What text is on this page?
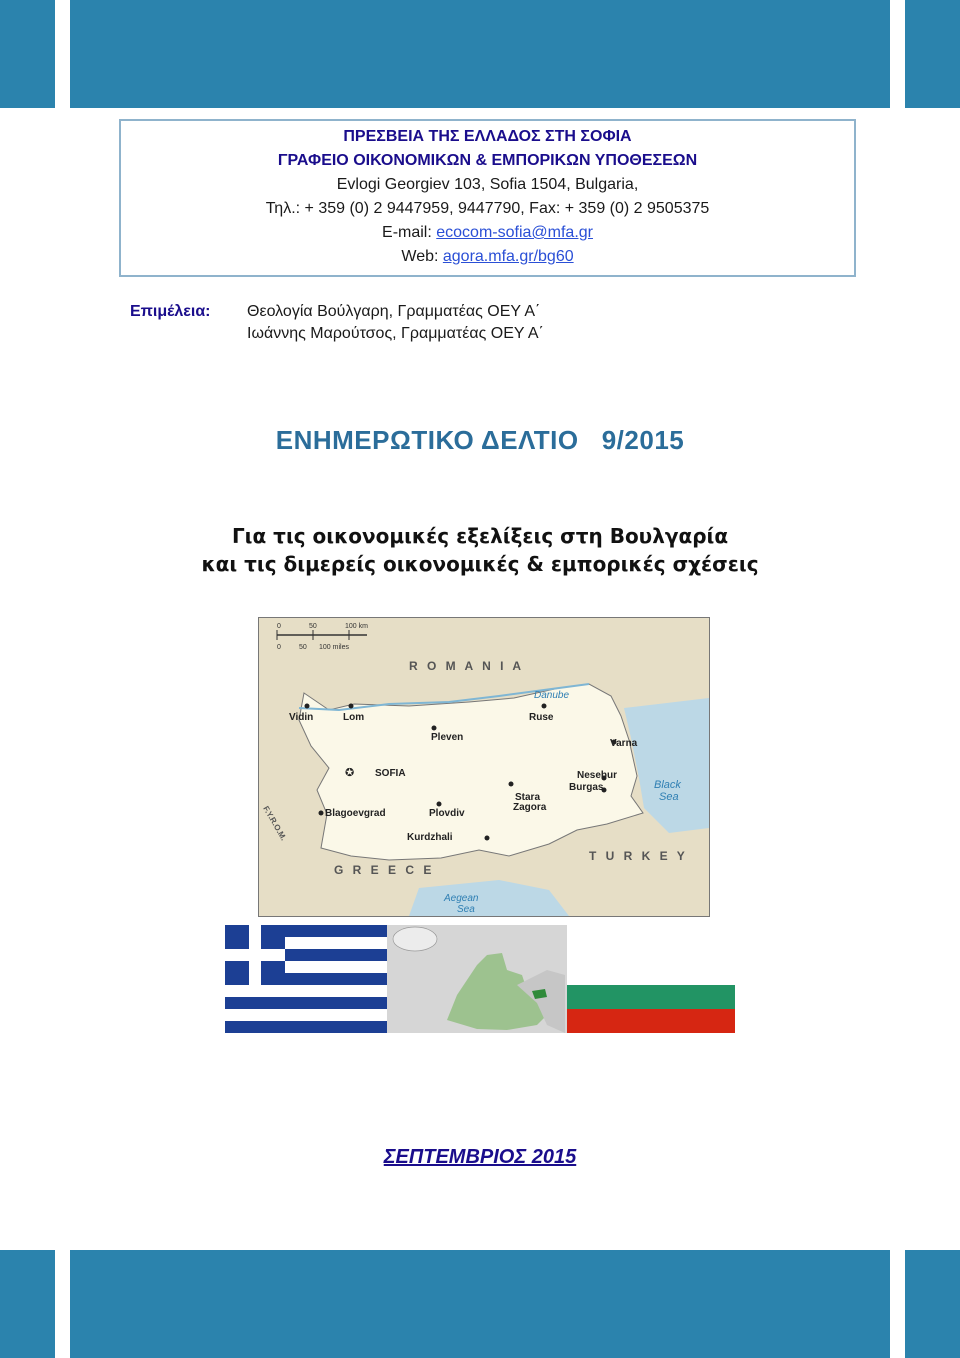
ΠΡΕΣΒΕΙΑ ΤΗΣ ΕΛΛΑΔΟΣ ΣΤΗ ΣΟΦΙΑ
ΓΡΑΦΕΙΟ ΟΙΚΟΝΟΜΙΚΩΝ & ΕΜΠΟΡΙΚΩΝ ΥΠΟΘΕΣΕΩΝ
Evlogi Georgiev 103, Sofia 1504, Bulgaria,
Τηλ.: + 359 (0) 2 9447959, 9447790, Fax: + 359 (0) 2 9505375
E-mail: ecocom-sofia@mfa.gr
Web: agora.mfa.gr/bg60
Επιμέλεια: Θεολογία Βούλγαρη, Γραμματέας ΟΕΥ Α΄
Ιωάννης Μαρούτσος, Γραμματέας ΟΕΥ Α΄
ΕΝΗΜΕΡΩΤΙΚΟ ΔΕΛΤΙΟ 9/2015
Για τις οικονομικές εξελίξεις στη Βουλγαρία
και τις διμερείς οικονομικές & εμπορικές σχέσεις
0	50	100 km
0	50 100 miles
R O M A N I A
T U R K E Y
G R E E C E
F.Y.R.O.M.
Danube
Black
Sea
Aegean
Sea
✪
Vidin	Lom	Ruse
Pleven
Varna
SOFIA	Nesebur
Burgas
Stara
Zagora
Blagoevgrad	Plovdiv
Kurdzhali
ΣΕΠΤΕΜΒΡΙΟΣ 2015
